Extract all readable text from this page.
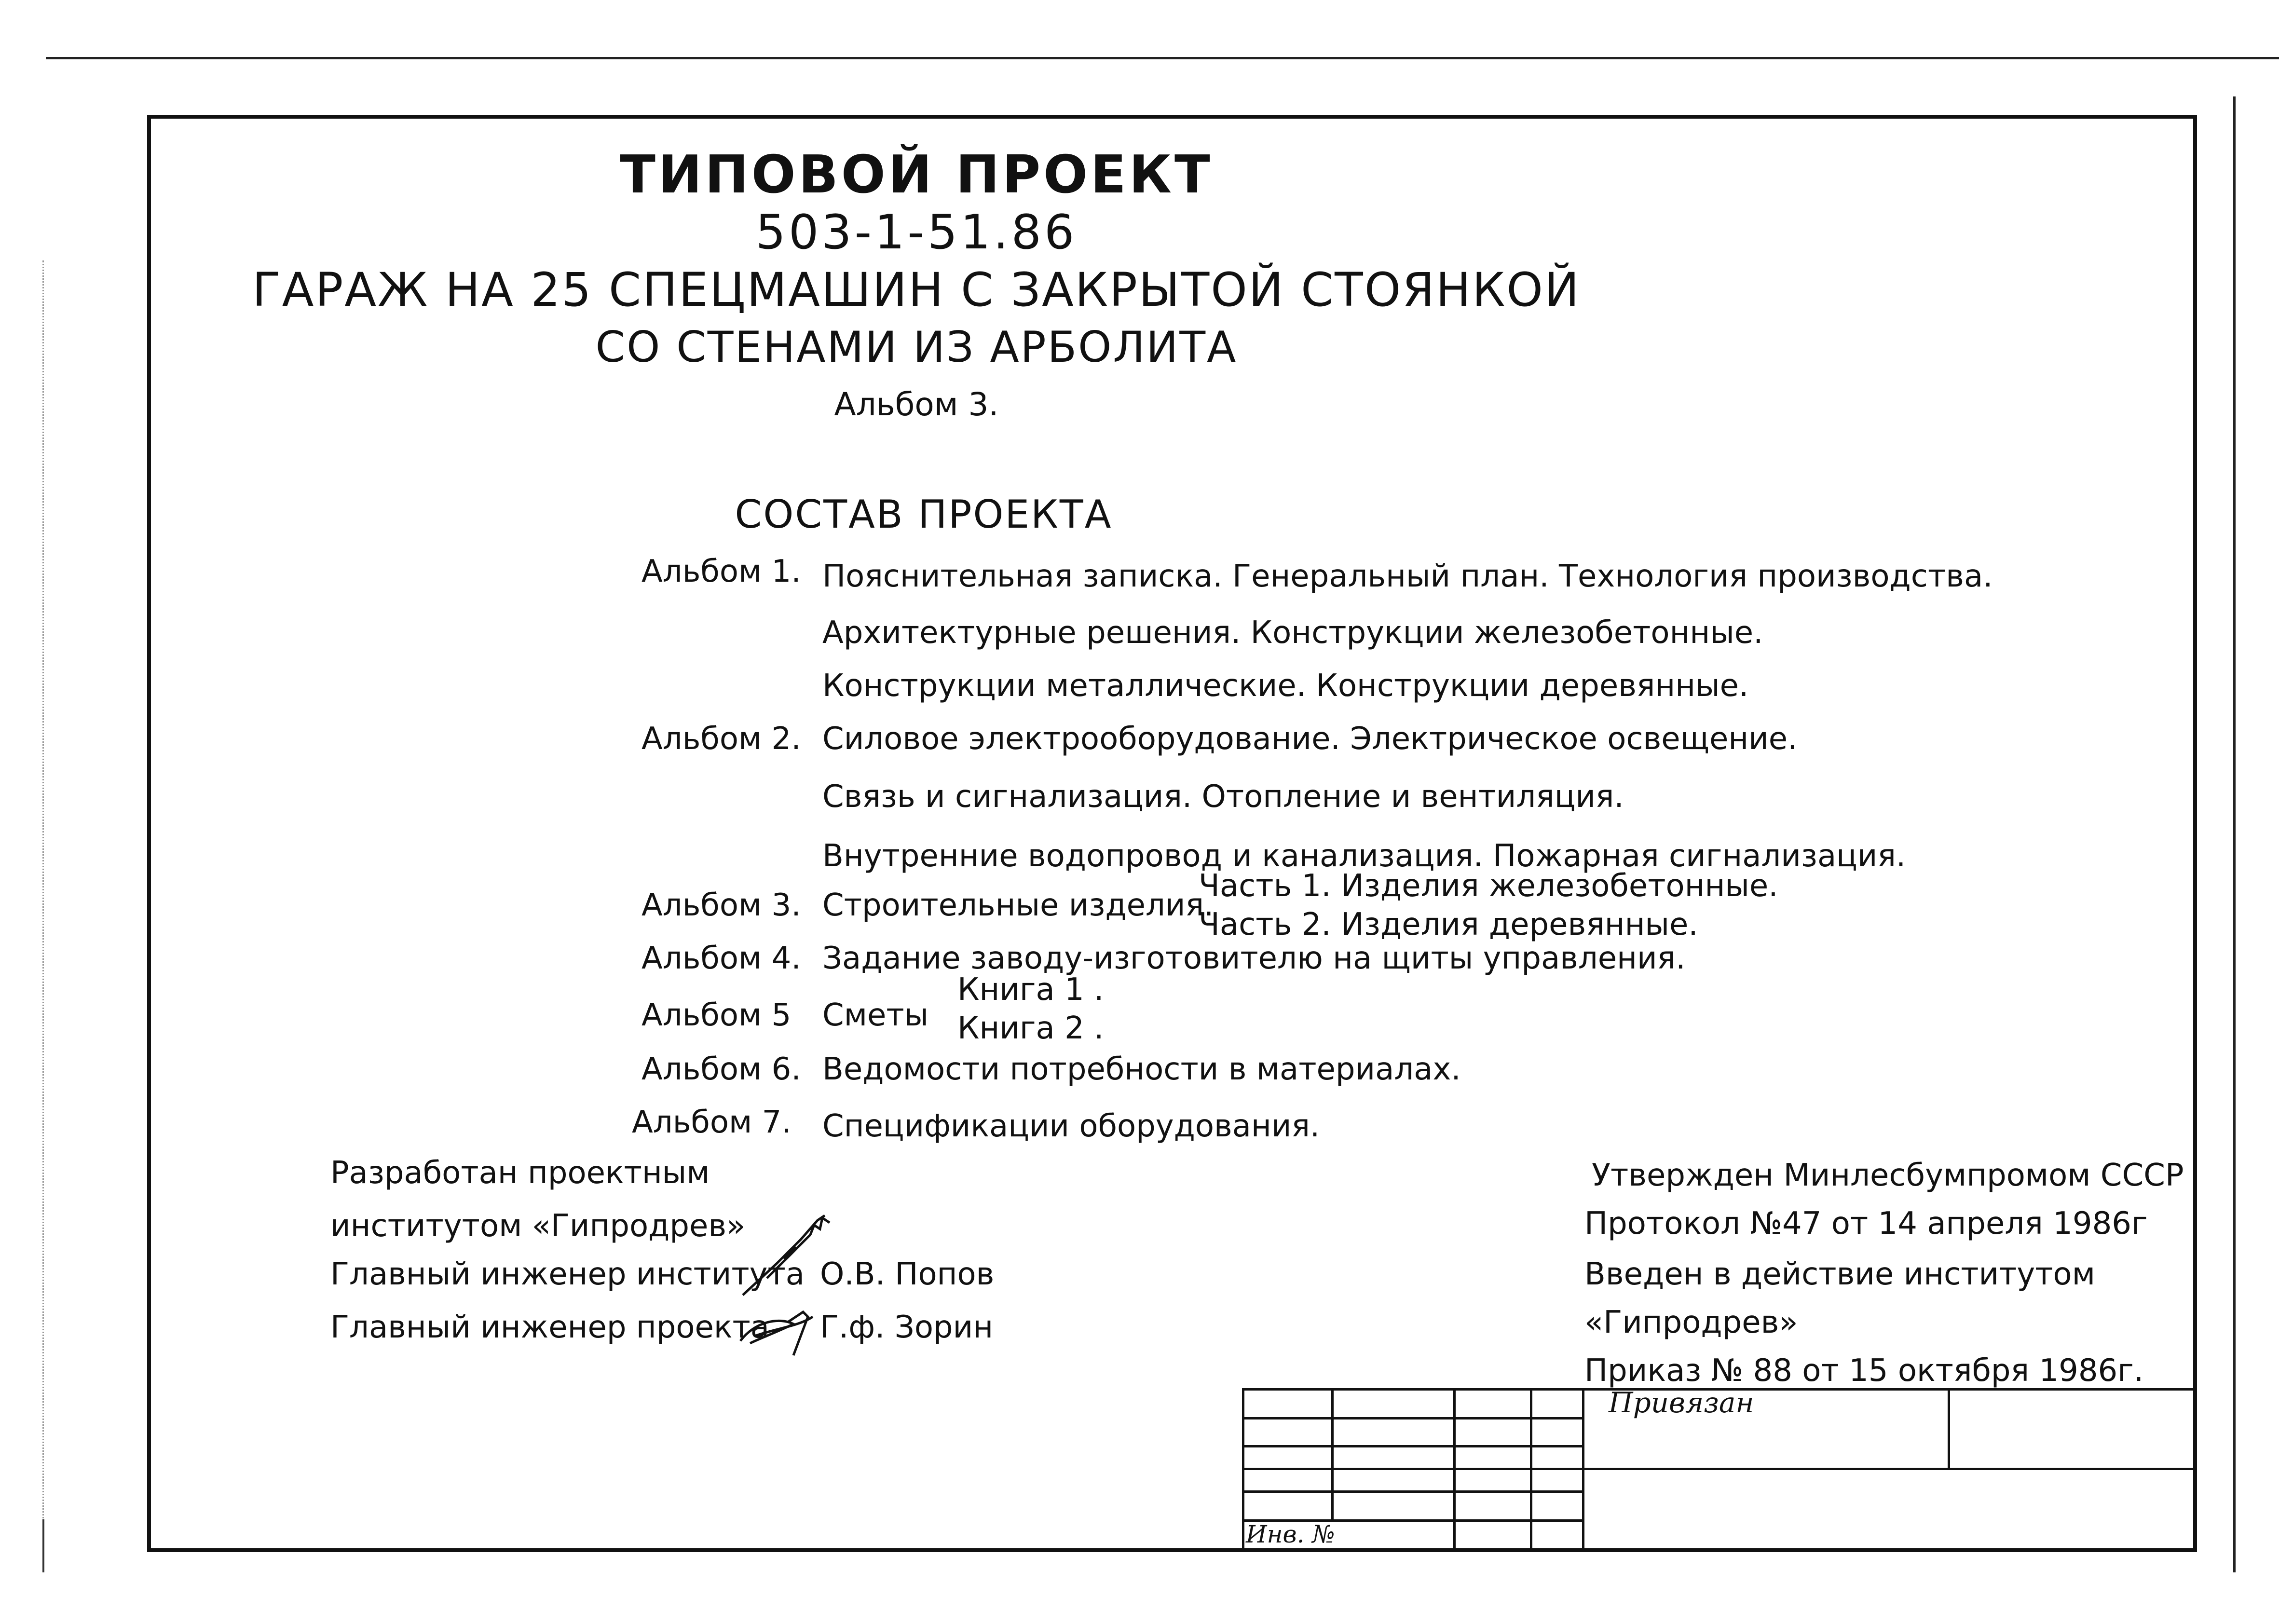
ТИПОВОЙ ПРОЕКТ
503-1-51.86
ГАРАЖ НА 25 СПЕЦМАШИН С ЗАКРЫТОЙ СТОЯНКОЙ
СО СТЕНАМИ ИЗ АРБОЛИТА
Альбом 3.
СОСТАВ ПРОЕКТА
Альбом 1. Пояснительная записка. Генеральный план. Технология производства.
Архитектурные решения. Конструкции железобетонные.
Конструкции металлические. Конструкции деревянные.
Альбом 2. Силовое электрооборудование. Электрическое освещение.
Связь и сигнализация. Отопление и вентиляция.
Внутренние водопровод и канализация. Пожарная сигнализация.
Альбом 3. Строительные изделия.
Часть 1. Изделия железобетонные.
Часть 2. Изделия деревянные.
Альбом 4. Задание заводу-изготовителю на щиты управления.
Альбом 5 Сметы
Книга 1 .
Книга 2 .
Альбом 6. Ведомости потребности в материалах.
Альбом 7. Спецификации оборудования.
Разработан проектным
институтом «Гипродрев»
Главный инженер института О.В. Попов
Главный инженер проекта Г.ф. Зорин
Утвержден Минлесбумпромом СССР
Протокол №47 от 14 апреля 1986г
Введен в действие институтом
«Гипродрев»
Приказ № 88 от 15 октября 1986г.
Привязан
Инв. №
